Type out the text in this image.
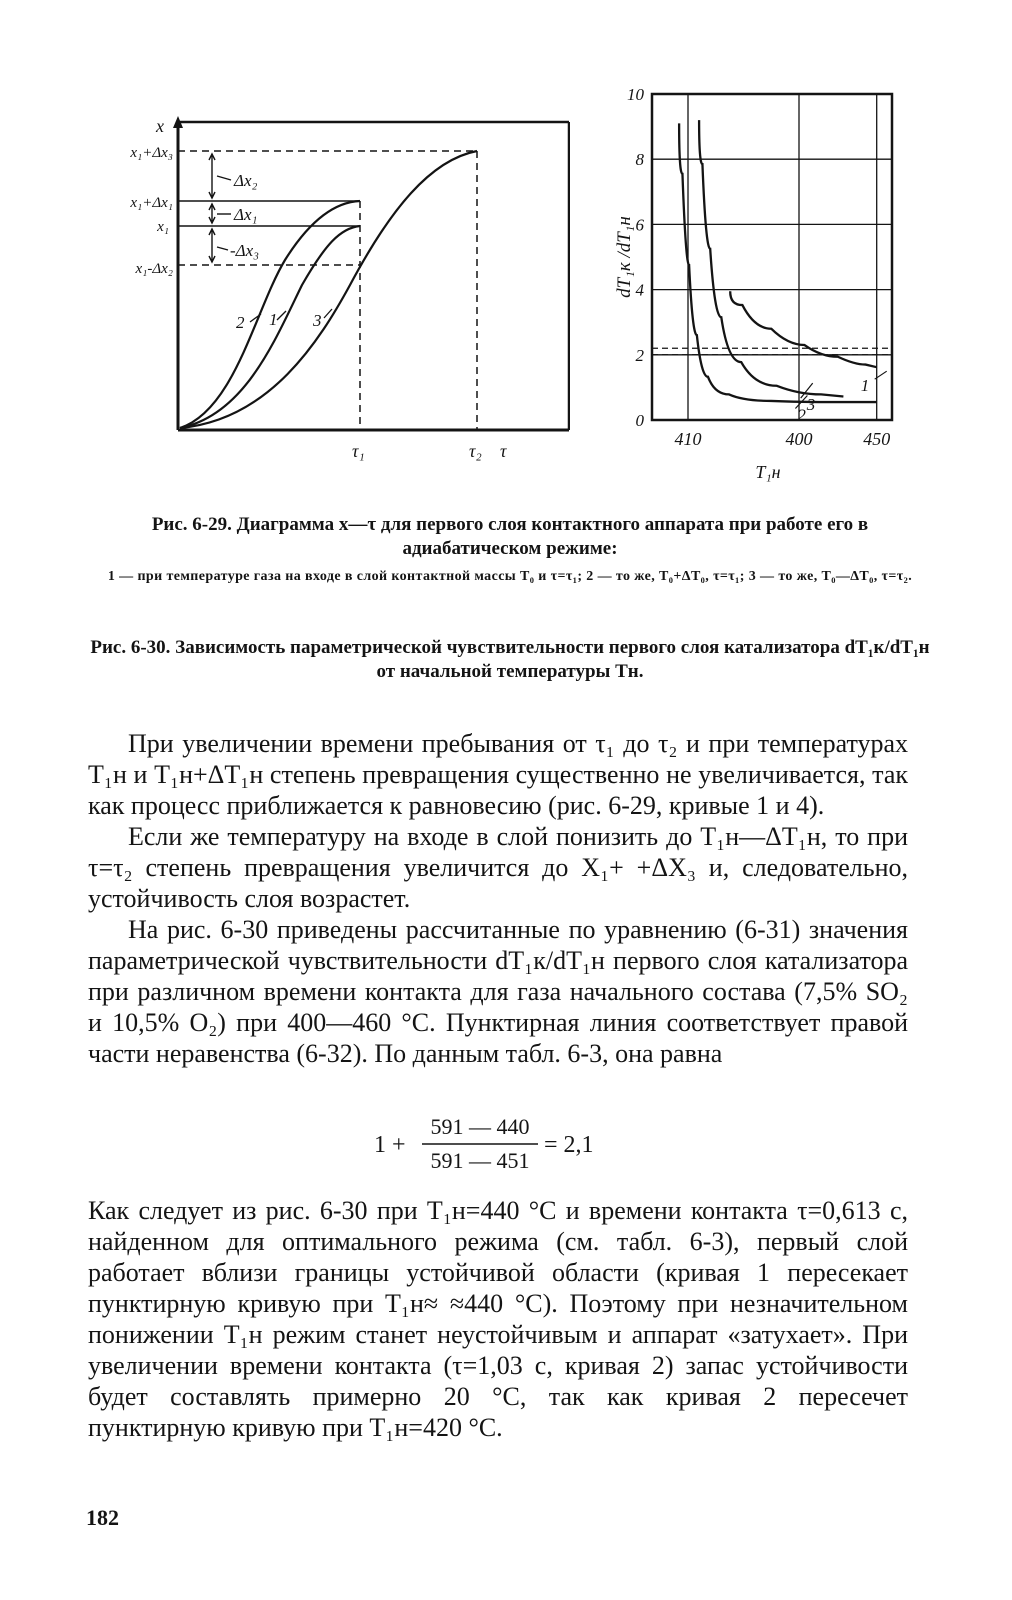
Δx₂
Δx₁
-Δx₃
x
x₁+Δx₃
x₁+Δx₁
x₁
x₁-Δx₂
2 1 3
τ₁	τ₂ τ
0
2
4
6
8
10
410	400	450
1
2
3
dT₁к /dT₁н
T₁н
Рис. 6-29. Диаграмма x—τ для первого слоя контактного аппарата при работе его в адиабатическом режиме:
1 — при температуре газа на входе в слой контактной массы T₀ и τ=τ₁; 2 — то же, T₀+ΔT₀, τ=τ₁; 3 — то же, T₀—ΔT₀, τ=τ₂.
Рис. 6-30. Зависимость параметрической чувствительности первого слоя катализатора dT₁к/dT₁н от начальной температуры Tн.

При увеличении времени пребывания от τ₁ до τ₂ и при температурах T₁н и T₁н+ΔT₁н степень превращения существенно не увеличивается, так как процесс приближается к равновесию (рис. 6-29, кривые 1 и 4).

Если же температуру на входе в слой понизить до T₁н—ΔT₁н, то при τ=τ₂ степень превращения увеличится до X₁+ +ΔX₃ и, следовательно, устойчивость слоя возрастет.

На рис. 6-30 приведены рассчитанные по уравнению (6-31) значения параметрической чувствительности dT₁к/dT₁н первого слоя катализатора при различном времени контакта для газа начального состава (7,5% SO₂ и 10,5% O₂) при 400—460 °С. Пунктирная линия соответствует правой части неравенства (6-32). По данным табл. 6-3, она равна

1 +
591 — 440
591 — 451
= 2,1

Как следует из рис. 6-30 при T₁н=440 °С и времени контакта τ=0,613 с, найденном для оптимального режима (см. табл. 6-3), первый слой работает вблизи границы устойчивой области (кривая 1 пересекает пунктирную кривую при T₁н≈ ≈440 °С). Поэтому при незначительном понижении T₁н режим станет неустойчивым и аппарат «затухает». При увеличении времени контакта (τ=1,03 с, кривая 2) запас устойчивости будет составлять примерно 20 °С, так как кривая 2 пересечет пунктирную кривую при T₁н=420 °С.

182
